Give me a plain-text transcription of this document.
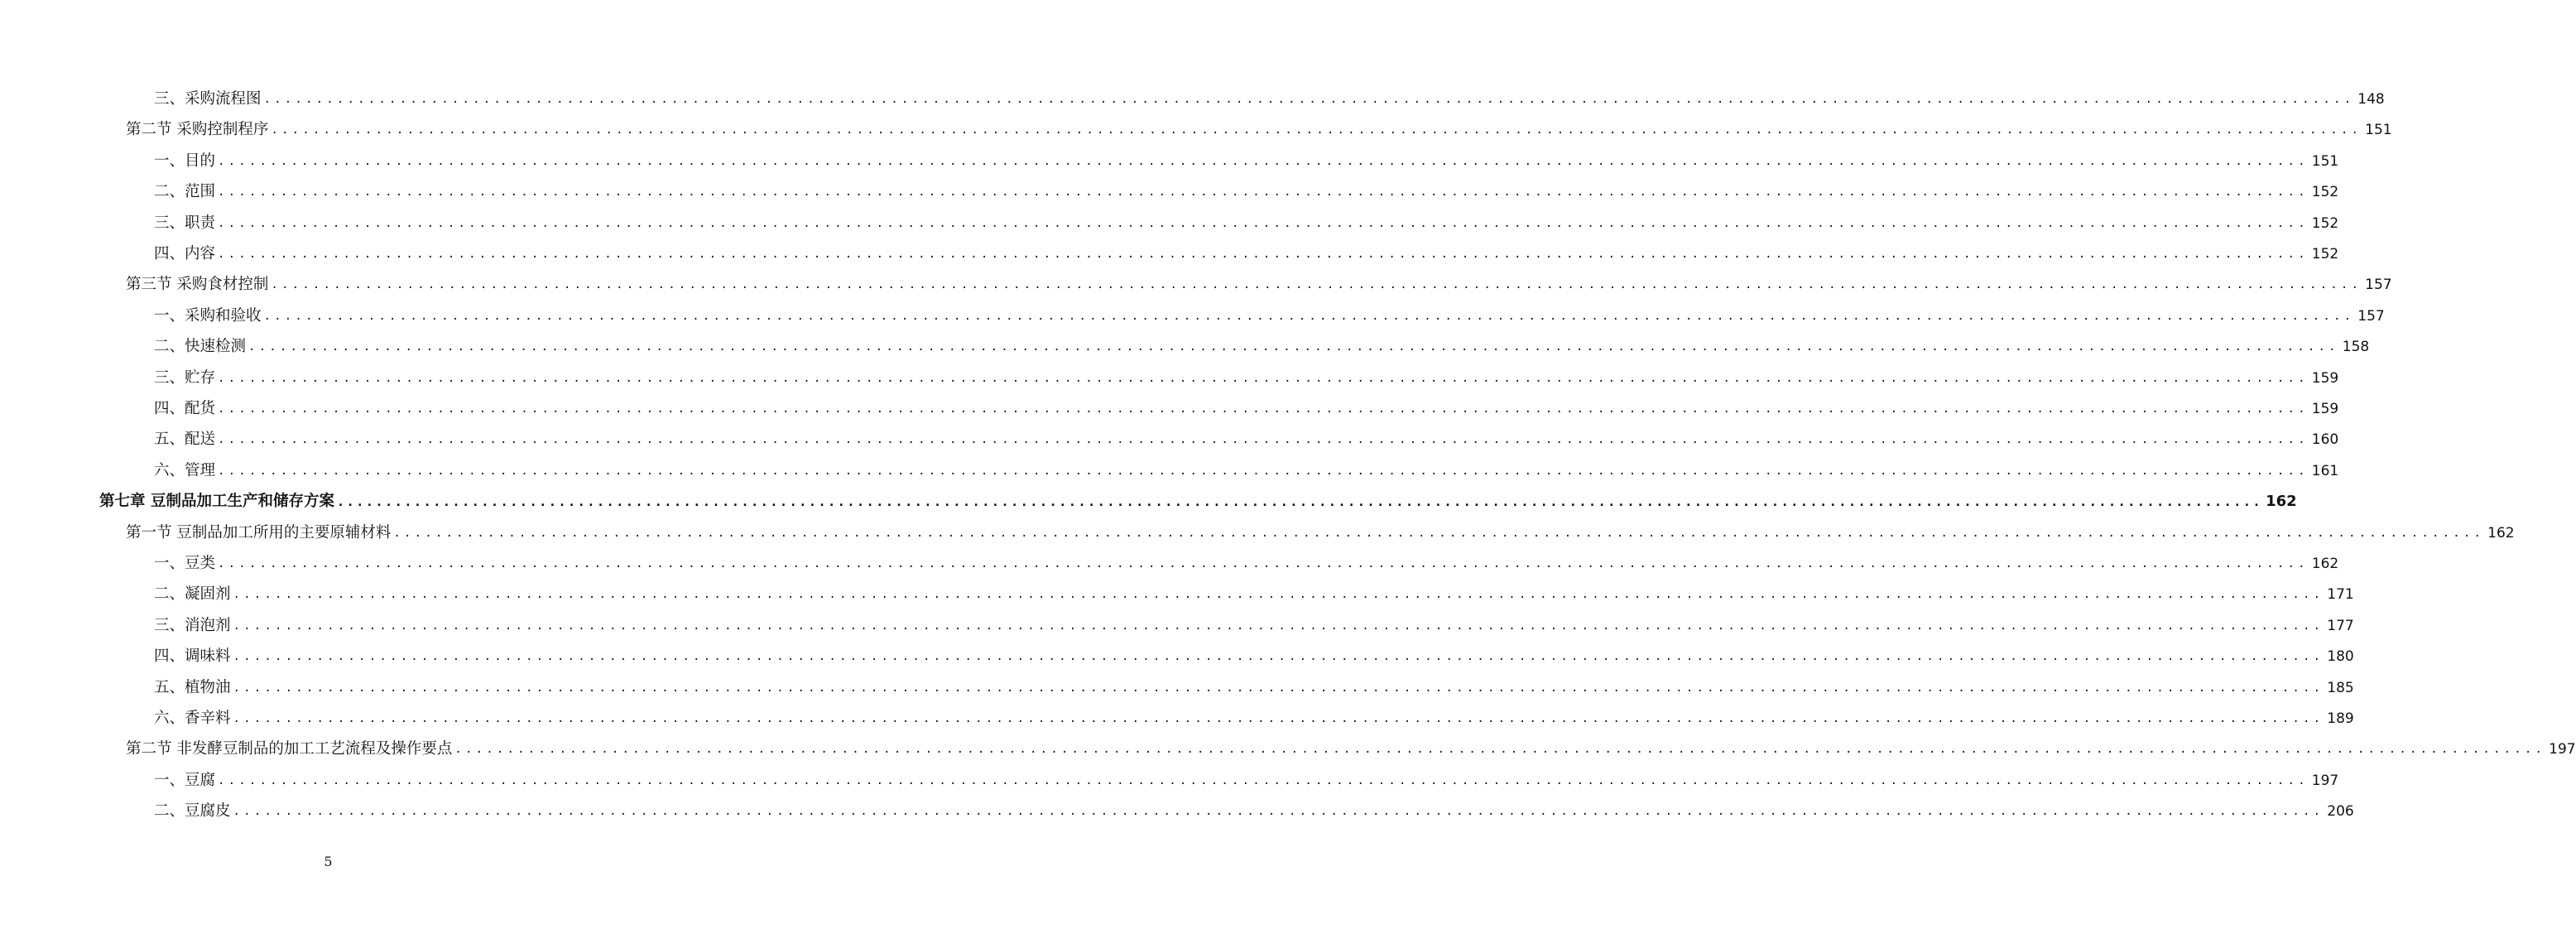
三、采购流程图 ........................................................................................................................................................................................................ 148
第二节 采购控制程序 ........................................................................................................................................................................................................ 151
一、目的 ........................................................................................................................................................................................................ 151
二、范围 ........................................................................................................................................................................................................ 152
三、职责 ........................................................................................................................................................................................................ 152
四、内容 ........................................................................................................................................................................................................ 152
第三节 采购食材控制 ........................................................................................................................................................................................................ 157
一、采购和验收 ........................................................................................................................................................................................................ 157
二、快速检测 ........................................................................................................................................................................................................ 158
三、贮存 ........................................................................................................................................................................................................ 159
四、配货 ........................................................................................................................................................................................................ 159
五、配送 ........................................................................................................................................................................................................ 160
六、管理 ........................................................................................................................................................................................................ 161
第七章 豆制品加工生产和储存方案 ........................................................................................................................................................................................................ 162
第一节 豆制品加工所用的主要原辅材料 ........................................................................................................................................................................................................ 162
一、豆类 ........................................................................................................................................................................................................ 162
二、凝固剂 ........................................................................................................................................................................................................ 171
三、消泡剂 ........................................................................................................................................................................................................ 177
四、调味料 ........................................................................................................................................................................................................ 180
五、植物油 ........................................................................................................................................................................................................ 185
六、香辛料 ........................................................................................................................................................................................................ 189
第二节 非发酵豆制品的加工工艺流程及操作要点 ........................................................................................................................................................................................................ 197
一、豆腐 ........................................................................................................................................................................................................ 197
二、豆腐皮 ........................................................................................................................................................................................................ 206
5
